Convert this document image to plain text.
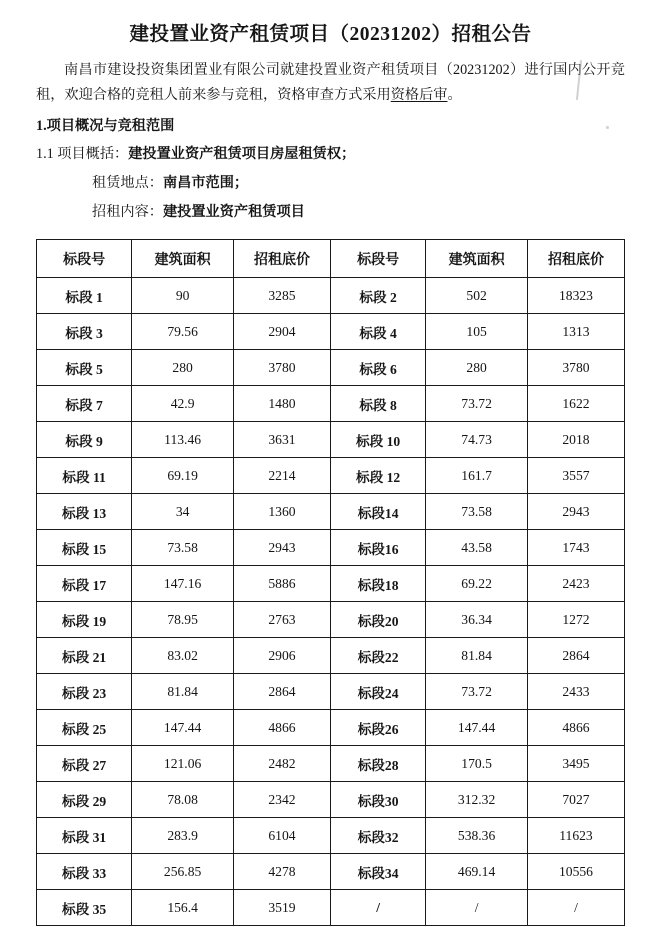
建投置业资产租赁项目（20231202）招租公告

南昌市建设投资集团置业有限公司就建投置业资产租赁项目（20231202）进行国内公开竞租，欢迎合格的竞租人前来参与竞租，资格审查方式采用资格后审。

1.项目概况与竞租范围
1.1 项目概括：建投置业资产租赁项目房屋租赁权；
租赁地点：南昌市范围；
招租内容：建投置业资产租赁项目
标段号	建筑面积	招租底价	标段号	建筑面积	招租底价
标段 1	90	3285	标段 2	502	18323
标段 3	79.56	2904	标段 4	105	1313
标段 5	280	3780	标段 6	280	3780
标段 7	42.9	1480	标段 8	73.72	1622
标段 9	113.46	3631	标段 10	74.73	2018
标段 11	69.19	2214	标段 12	161.7	3557
标段 13	34	1360	标段14	73.58	2943
标段 15	73.58	2943	标段16	43.58	1743
标段 17	147.16	5886	标段18	69.22	2423
标段 19	78.95	2763	标段20	36.34	1272
标段 21	83.02	2906	标段22	81.84	2864
标段 23	81.84	2864	标段24	73.72	2433
标段 25	147.44	4866	标段26	147.44	4866
标段 27	121.06	2482	标段28	170.5	3495
标段 29	78.08	2342	标段30	312.32	7027
标段 31	283.9	6104	标段32	538.36	11623
标段 33	256.85	4278	标段34	469.14	10556
标段 35	156.4	3519	/	/	/
